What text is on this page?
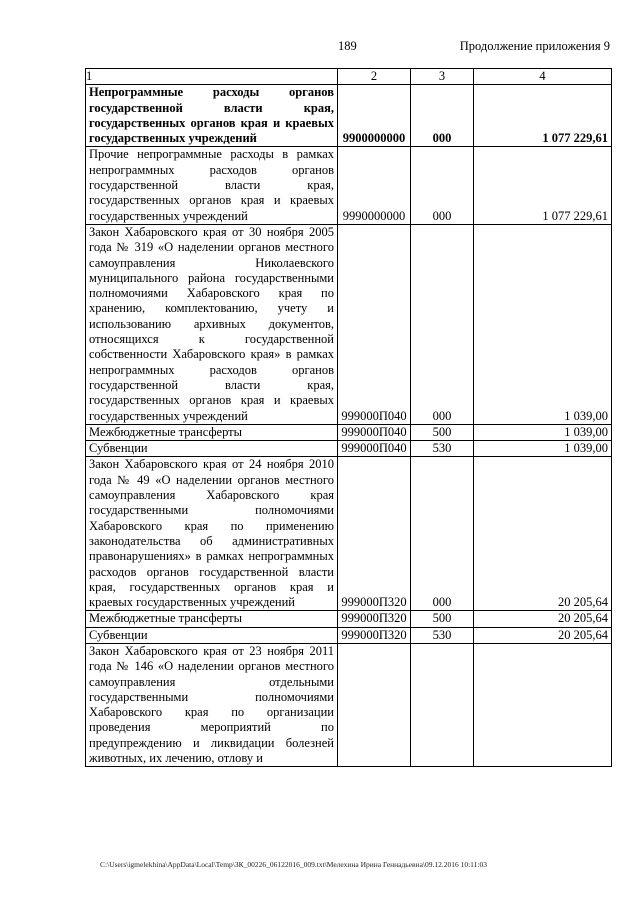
189	Продолжение приложения 9
1	2	3	4
Непрограммные расходы органов государственной власти края, государственных органов края и краевых государственных учреждений	9900000000	000	1 077 229,61
Прочие непрограммные расходы в рамках непрограммных расходов органов государственной власти края, государственных органов края и краевых государственных учреждений	9990000000	000	1 077 229,61
Закон Хабаровского края от 30 ноября 2005 года № 319 «О наделении органов местного самоуправления Николаевского муниципального района государственными полномочиями Хабаровского края по хранению, комплектованию, учету и использованию архивных документов, относящихся к государственной собственности Хабаровского края» в рамках непрограммных расходов органов государственной власти края, государственных органов края и краевых государственных учреждений	999000П040	000	1 039,00
Межбюджетные трансферты	999000П040	500	1 039,00
Субвенции	999000П040	530	1 039,00
Закон Хабаровского края от 24 ноября 2010 года № 49 «О наделении органов местного самоуправления Хабаровского края государственными полномочиями Хабаровского края по применению законодательства об административных правонарушениях» в рамках непрограммных расходов органов государственной власти края, государственных органов края и краевых государственных учреждений	999000П320	000	20 205,64
Межбюджетные трансферты	999000П320	500	20 205,64
Субвенции	999000П320	530	20 205,64
Закон Хабаровского края от 23 ноября 2011 года № 146 «О наделении органов местного самоуправления отдельными государственными полномочиями Хабаровского края по организации проведения мероприятий по предупреждению и ликвидации болезней животных, их лечению, отлову и			
C:\Users\igmelekhina\AppData\Local\Temp\ЗК_00226_06122016_009.txt\Мелехина Ирина Геннадьевна\09.12.2016 10:11:03
